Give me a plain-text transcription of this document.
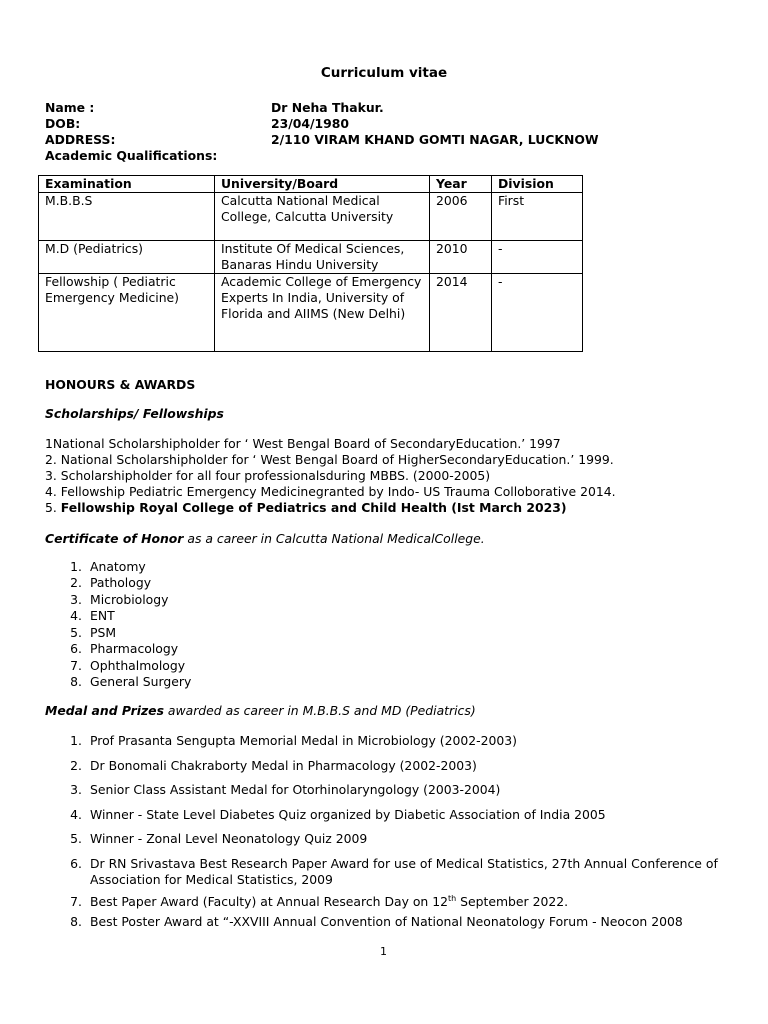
Curriculum vitae
Name :	Dr Neha Thakur.
DOB:	23/04/1980
ADDRESS:	2/110 VIRAM KHAND GOMTI NAGAR, LUCKNOW
Academic Qualifications:
Examination	University/Board	Year	Division
M.B.B.S	Calcutta National Medical College, Calcutta University	2006	First
M.D (Pediatrics)	Institute Of Medical Sciences, Banaras Hindu University	2010	-
Fellowship ( Pediatric Emergency Medicine)	Academic College of Emergency Experts In India, University of Florida and AIIMS (New Delhi)	2014	-
HONOURS & AWARDS
Scholarships/ Fellowships
1National Scholarshipholder for ‘ West Bengal Board of SecondaryEducation.’ 1997
2. National Scholarshipholder for ‘ West Bengal Board of HigherSecondaryEducation.’ 1999.
3. Scholarshipholder for all four professionalsduring MBBS. (2000-2005)
4. Fellowship Pediatric Emergency Medicinegranted by Indo- US Trauma Colloborative 2014.
5. Fellowship Royal College of Pediatrics and Child Health (Ist March 2023)
Certificate of Honor as a career in Calcutta National MedicalCollege.
1. Anatomy
2. Pathology
3. Microbiology
4. ENT
5. PSM
6. Pharmacology
7. Ophthalmology
8. General Surgery
Medal and Prizes awarded as career in M.B.B.S and MD (Pediatrics)
1. Prof Prasanta Sengupta Memorial Medal in Microbiology (2002-2003)
2. Dr Bonomali Chakraborty Medal in Pharmacology (2002-2003)
3. Senior Class Assistant Medal for Otorhinolaryngology (2003-2004)
4. Winner - State Level Diabetes Quiz organized by Diabetic Association of India 2005
5. Winner - Zonal Level Neonatology Quiz 2009
6. Dr RN Srivastava Best Research Paper Award for use of Medical Statistics, 27th Annual Conference of Association for Medical Statistics, 2009
7. Best Paper Award (Faculty) at Annual Research Day on 12th September 2022.
8. Best Poster Award at “-XXVIII Annual Convention of National Neonatology Forum - Neocon 2008
1
